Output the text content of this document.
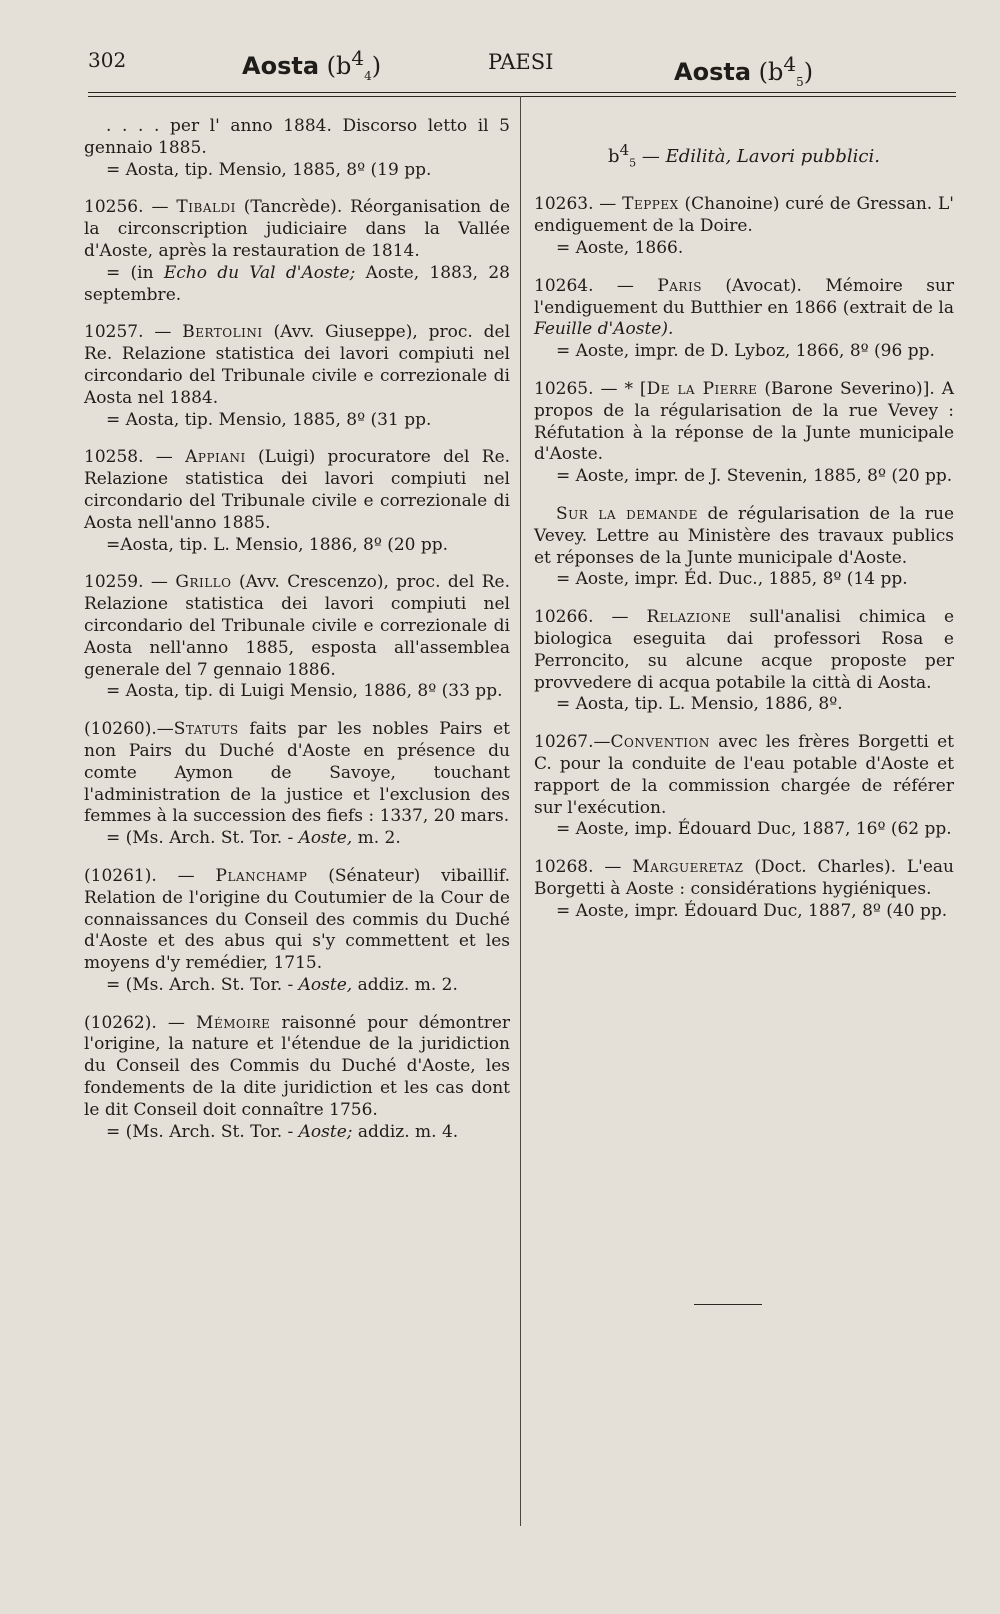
302	Aosta $(b^4_4)$	PAESI	Aosta $(b^4_5)$

. . . . per l' anno 1884. Discorso letto il 5 gennaio 1885.

= Aosta, tip. Mensio, 1885, 8º (19 pp.

10256. — Tibaldi (Tancrède). Réorganisation de la circonscription judiciaire dans la Vallée d'Aoste, après la restauration de 1814.

= (in Echo du Val d'Aoste; Aoste, 1883, 28 septembre.

10257. — Bertolini (Avv. Giuseppe), proc. del Re. Relazione statistica dei lavori compiuti nel circondario del Tribunale civile e correzionale di Aosta nel 1884.

= Aosta, tip. Mensio, 1885, 8º (31 pp.

10258. — Appiani (Luigi) procuratore del Re. Relazione statistica dei lavori compiuti nel circondario del Tribunale civile e correzionale di Aosta nell'anno 1885.

=Aosta, tip. L. Mensio, 1886, 8º (20 pp.

10259. — Grillo (Avv. Crescenzo), proc. del Re. Relazione statistica dei lavori compiuti nel circondario del Tribunale civile e correzionale di Aosta nell'anno 1885, esposta all'assemblea generale del 7 gennaio 1886.

= Aosta, tip. di Luigi Mensio, 1886, 8º (33 pp.

(10260).—Statuts faits par les nobles Pairs et non Pairs du Duché d'Aoste en présence du comte Aymon de Savoye, touchant l'administration de la justice et l'exclusion des femmes à la succession des fiefs : 1337, 20 mars.

= (Ms. Arch. St. Tor. - Aoste, m. 2.

(10261). — Planchamp (Sénateur) vibaillif. Relation de l'origine du Coutumier de la Cour de connaissances du Conseil des commis du Duché d'Aoste et des abus qui s'y commettent et les moyens d'y remédier, 1715.

= (Ms. Arch. St. Tor. - Aoste, addiz. m. 2.

(10262). — Mémoire raisonné pour démontrer l'origine, la nature et l'étendue de la juridiction du Conseil des Commis du Duché d'Aoste, les fondements de la dite juridiction et les cas dont le dit Conseil doit connaître 1756.

= (Ms. Arch. St. Tor. - Aoste; addiz. m. 4.

$b^4_5$ — Edilità, Lavori pubblici.

10263. — Teppex (Chanoine) curé de Gressan. L' endiguement de la Doire.

= Aoste, 1866.

10264. — Paris (Avocat). Mémoire sur l'endiguement du Butthier en 1866 (extrait de la Feuille d'Aoste).

= Aoste, impr. de D. Lyboz, 1866, 8º (96 pp.

10265. — * [De la Pierre (Barone Severino)]. A propos de la régularisation de la rue Vevey : Réfutation à la réponse de la Junte municipale d'Aoste.

= Aoste, impr. de J. Stevenin, 1885, 8º (20 pp.

Sur la demande de régularisation de la rue Vevey. Lettre au Ministère des travaux publics et réponses de la Junte municipale d'Aoste.

= Aoste, impr. Éd. Duc., 1885, 8º (14 pp.

10266. — Relazione sull'analisi chimica e biologica eseguita dai professori Rosa e Perroncito, su alcune acque proposte per provvedere di acqua potabile la città di Aosta.

= Aosta, tip. L. Mensio, 1886, 8º.

10267.—Convention avec les frères Borgetti et C. pour la conduite de l'eau potable d'Aoste et rapport de la commission chargée de référer sur l'exécution.

= Aoste, imp. Édouard Duc, 1887, 16º (62 pp.

10268. — Margueretaz (Doct. Charles). L'eau Borgetti à Aoste : considérations hygiéniques.

= Aoste, impr. Édouard Duc, 1887, 8º (40 pp.
